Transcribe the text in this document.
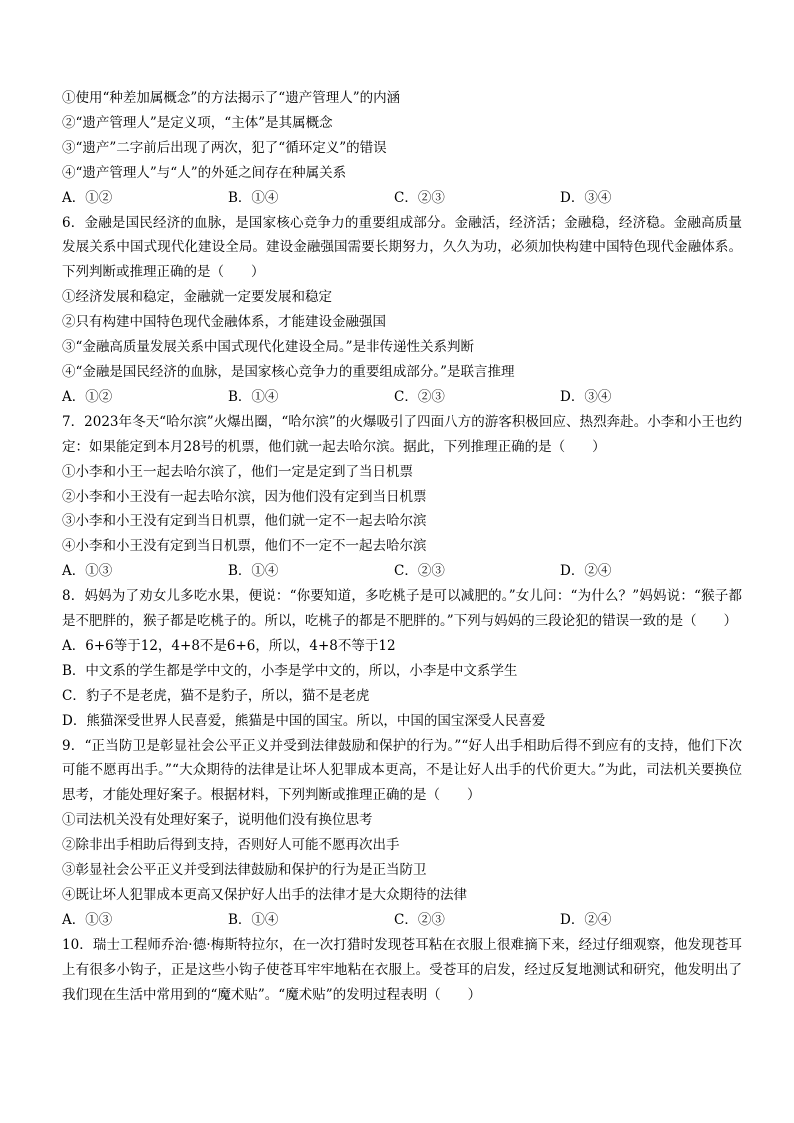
①使用“种差加属概念”的方法揭示了“遗产管理人”的内涵
②“遗产管理人”是定义项，“主体”是其属概念
③“遗产”二字前后出现了两次，犯了“循环定义”的错误
④“遗产管理人”与“人”的外延之间存在种属关系
A．①②	B．①④	C．②③	D．③④

6．金融是国民经济的血脉，是国家核心竞争力的重要组成部分。金融活，经济活；金融稳，经济稳。金融高质量发展关系中国式现代化建设全局。建设金融强国需要长期努力，久久为功，必须加快构建中国特色现代金融体系。下列判断或推理正确的是（　　）

①经济发展和稳定，金融就一定要发展和稳定
②只有构建中国特色现代金融体系，才能建设金融强国
③“金融高质量发展关系中国式现代化建设全局。”是非传递性关系判断
④“金融是国民经济的血脉，是国家核心竞争力的重要组成部分。”是联言推理
A．①②	B．①④	C．②③	D．③④

7．2023年冬天“哈尔滨”火爆出圈，“哈尔滨”的火爆吸引了四面八方的游客积极回应、热烈奔赴。小李和小王也约定：如果能定到本月28号的机票，他们就一起去哈尔滨。据此，下列推理正确的是（　　）

①小李和小王一起去哈尔滨了，他们一定是定到了当日机票
②小李和小王没有一起去哈尔滨，因为他们没有定到当日机票
③小李和小王没有定到当日机票，他们就一定不一起去哈尔滨
④小李和小王没有定到当日机票，他们不一定不一起去哈尔滨
A．①③	B．①④	C．②③	D．②④

8．妈妈为了劝女儿多吃水果，便说：“你要知道，多吃桃子是可以减肥的。”女儿问：“为什么？”妈妈说：“猴子都是不肥胖的，猴子都是吃桃子的。所以，吃桃子的都是不肥胖的。”下列与妈妈的三段论犯的错误一致的是（　　）

A．6+6等于12，4+8不是6+6，所以，4+8不等于12
B．中文系的学生都是学中文的，小李是学中文的，所以，小李是中文系学生
C．豹子不是老虎，猫不是豹子，所以，猫不是老虎
D．熊猫深受世界人民喜爱，熊猫是中国的国宝。所以，中国的国宝深受人民喜爱

9．“正当防卫是彰显社会公平正义并受到法律鼓励和保护的行为。”“好人出手相助后得不到应有的支持，他们下次可能不愿再出手。”“大众期待的法律是让坏人犯罪成本更高，不是让好人出手的代价更大。”为此，司法机关要换位思考，才能处理好案子。根据材料，下列判断或推理正确的是（　　）

①司法机关没有处理好案子，说明他们没有换位思考
②除非出手相助后得到支持，否则好人可能不愿再次出手
③彰显社会公平正义并受到法律鼓励和保护的行为是正当防卫
④既让坏人犯罪成本更高又保护好人出手的法律才是大众期待的法律
A．①③	B．①④	C．②③	D．②④

10．瑞士工程师乔治·德·梅斯特拉尔，在一次打猎时发现苍耳粘在衣服上很难摘下来，经过仔细观察，他发现苍耳上有很多小钩子，正是这些小钩子使苍耳牢牢地粘在衣服上。受苍耳的启发，经过反复地测试和研究，他发明出了我们现在生活中常用到的“魔术贴”。“魔术贴”的发明过程表明（　　）
